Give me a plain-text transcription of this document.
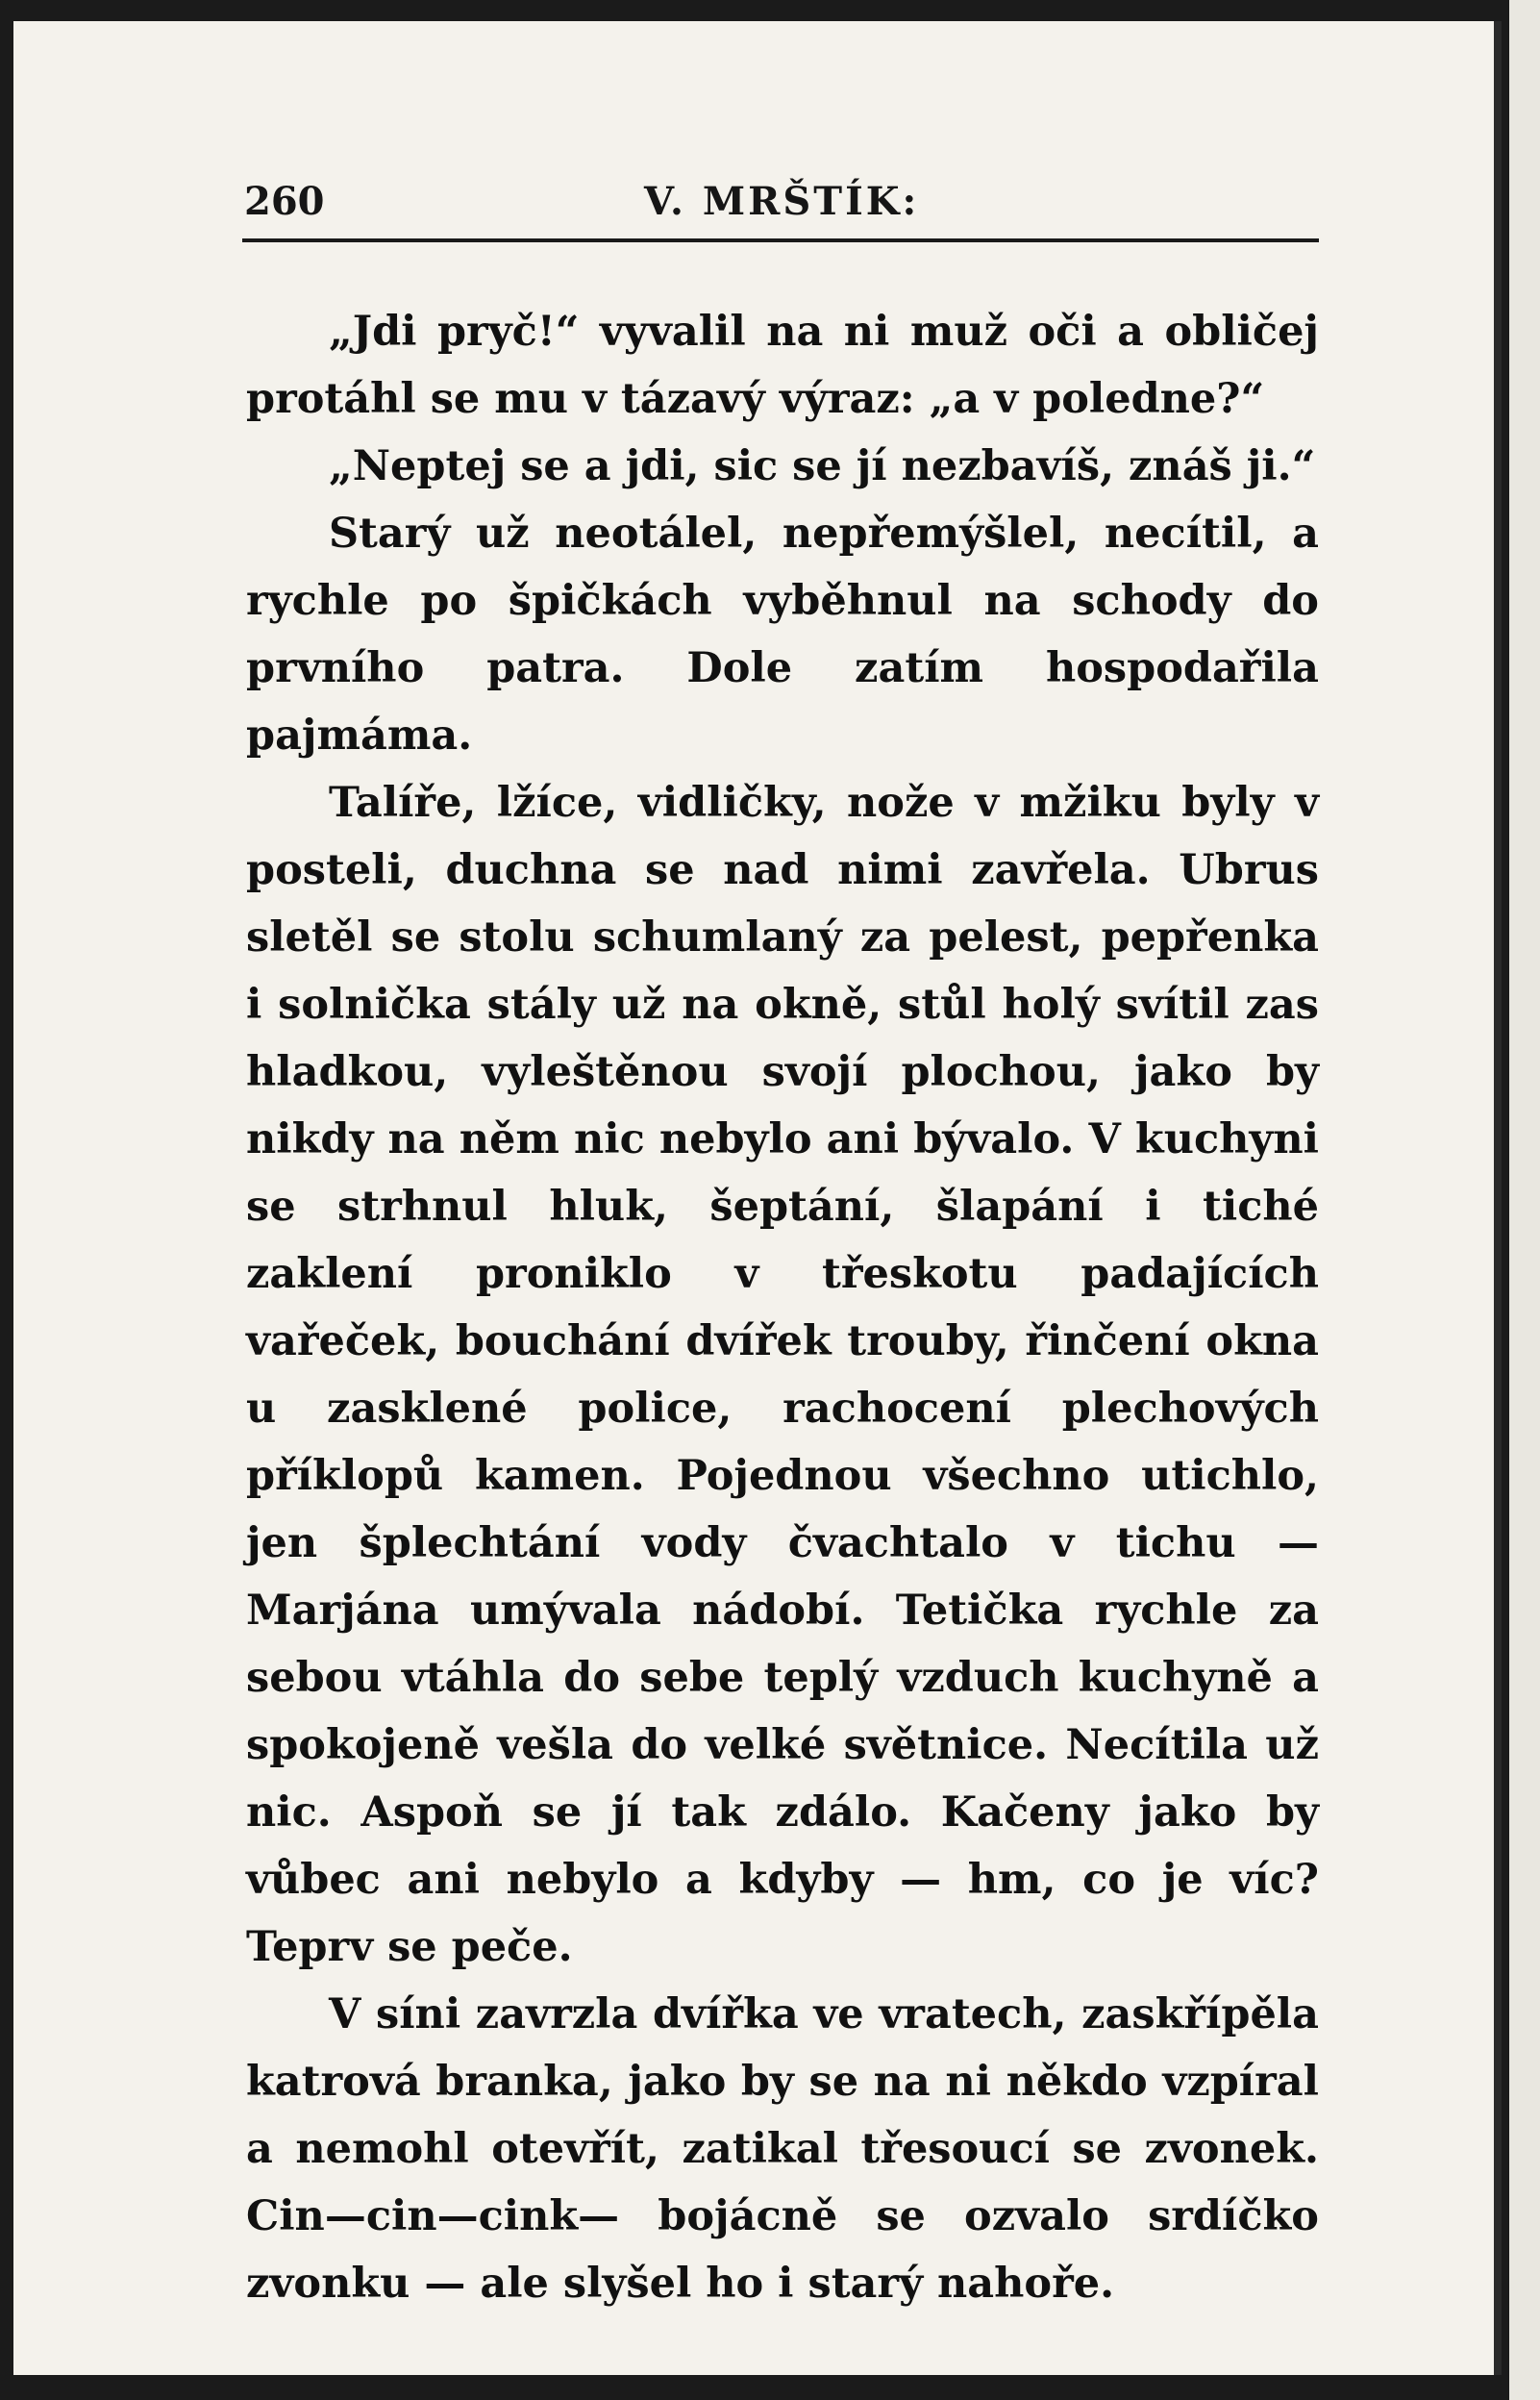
260	V. MRŠTÍK:

„Jdi pryč!“ vyvalil na ni muž oči a obličej protáhl se mu v tázavý výraz: „a v poledne?“

„Neptej se a jdi, sic se jí nezbavíš, znáš ji.“

Starý už neotálel, nepřemýšlel, necítil, a rychle po špičkách vyběhnul na schody do prvního patra. Dole zatím hospodařila pajmáma.

Talíře, lžíce, vidličky, nože v mžiku byly v posteli, duchna se nad nimi zavřela. Ubrus sletěl se stolu schumlaný za pelest, pepřenka i solnička stály už na okně, stůl holý svítil zas hladkou, vyleštěnou svojí plochou, jako by nikdy na něm nic nebylo ani bývalo. V kuchyni se strhnul hluk, šeptání, šlapání i tiché zaklení proniklo v třeskotu padajících vařeček, bouchání dvířek trouby, řinčení okna u zasklené police, rachocení plechových příklopů kamen. Pojednou všechno utichlo, jen šplechtání vody čvachtalo v tichu — Marjána umývala nádobí. Tetička rychle za sebou vtáhla do sebe teplý vzduch kuchyně a spokojeně vešla do velké světnice. Necítila už nic. Aspoň se jí tak zdálo. Kačeny jako by vůbec ani nebylo a kdyby — hm, co je víc? Teprv se peče.

V síni zavrzla dvířka ve vratech, zaskřípěla katrová branka, jako by se na ni někdo vzpíral a nemohl otevřít, zatikal třesoucí se zvonek. Cin—cin—cink— bojácně se ozvalo srdíčko zvonku — ale slyšel ho i starý nahoře.
